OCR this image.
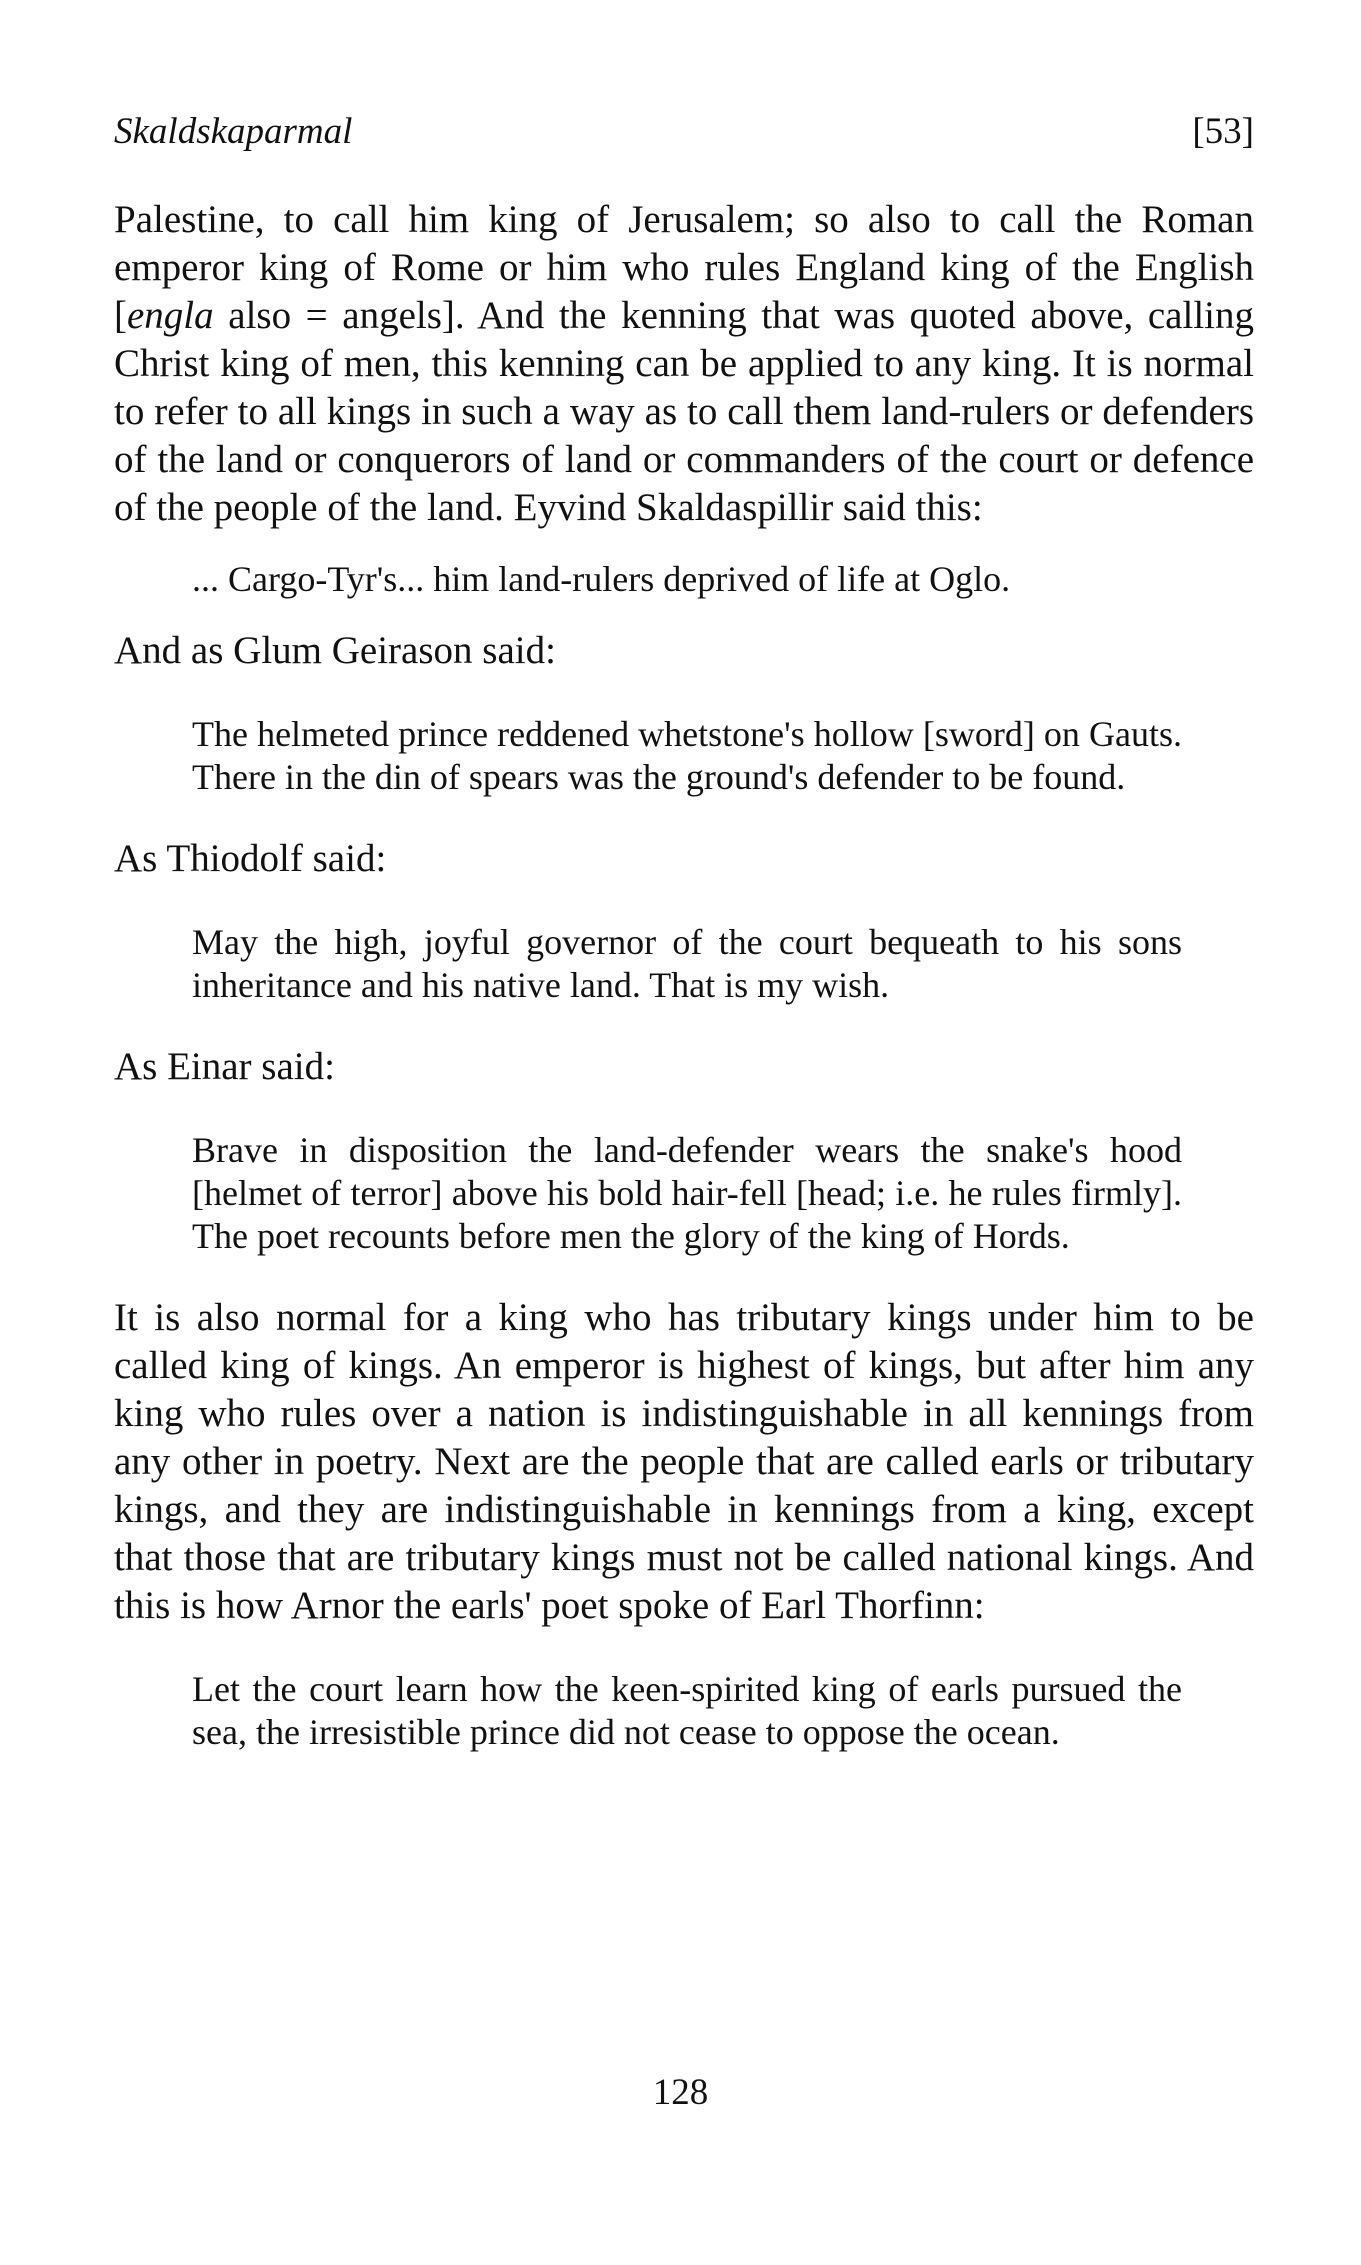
Skaldskaparmal	[53]

Palestine, to call him king of Jerusalem; so also to call the Roman emperor king of Rome or him who rules England king of the English [engla also = angels]. And the kenning that was quoted above, calling Christ king of men, this kenning can be applied to any king. It is normal to refer to all kings in such a way as to call them land-rulers or defenders of the land or conquerors of land or commanders of the court or defence of the people of the land. Eyvind Skaldaspillir said this:

... Cargo-Tyr's... him land-rulers deprived of life at Oglo.

And as Glum Geirason said:

The helmeted prince reddened whetstone's hollow [sword] on Gauts. There in the din of spears was the ground's defender to be found.

As Thiodolf said:

May the high, joyful governor of the court bequeath to his sons inheritance and his native land. That is my wish.

As Einar said:

Brave in disposition the land-defender wears the snake's hood [helmet of terror] above his bold hair-fell [head; i.e. he rules firmly]. The poet recounts before men the glory of the king of Hords.

It is also normal for a king who has tributary kings under him to be called king of kings. An emperor is highest of kings, but after him any king who rules over a nation is indistinguishable in all kennings from any other in poetry. Next are the people that are called earls or tributary kings, and they are indistinguishable in kennings from a king, except that those that are tributary kings must not be called national kings. And this is how Arnor the earls' poet spoke of Earl Thorfinn:

Let the court learn how the keen-spirited king of earls pursued the sea, the irresistible prince did not cease to oppose the ocean.

128
